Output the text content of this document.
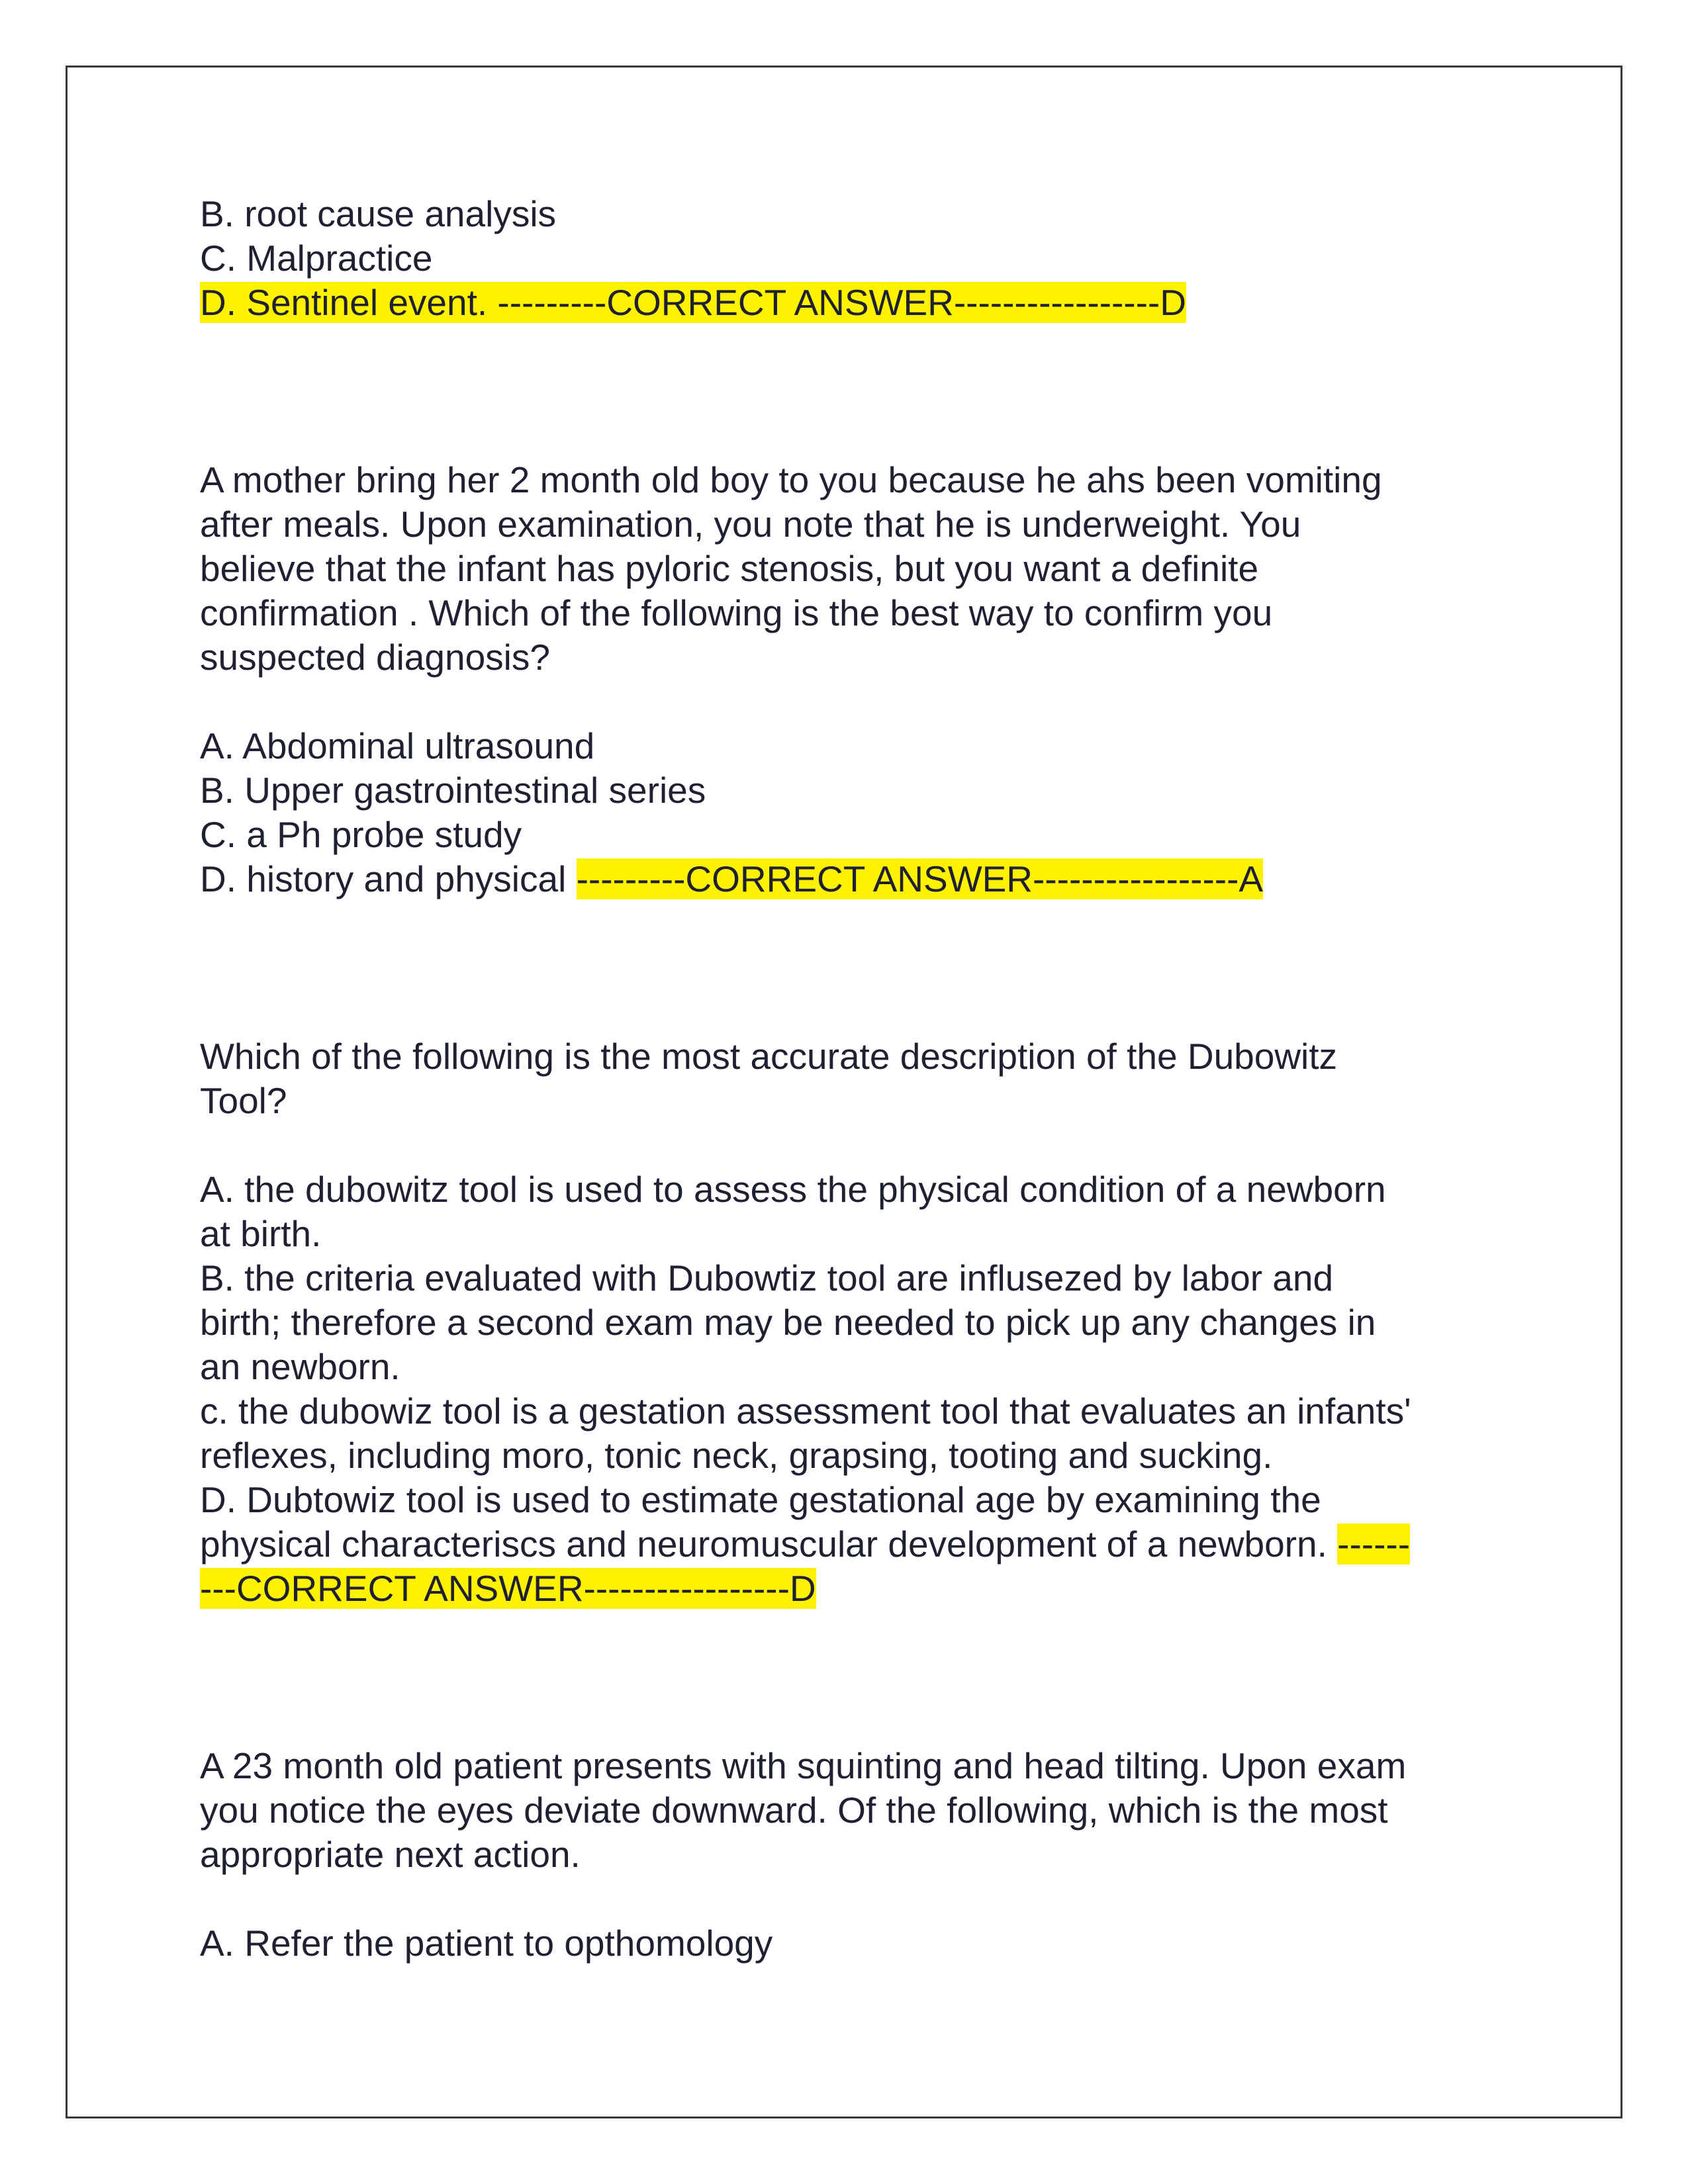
B. root cause analysis
C. Malpractice
D. Sentinel event. ---------CORRECT ANSWER-----------------D
A mother bring her 2 month old boy to you because he ahs been vomiting
after meals. Upon examination, you note that he is underweight. You
believe that the infant has pyloric stenosis, but you want a definite
confirmation . Which of the following is the best way to confirm you
suspected diagnosis?
A. Abdominal ultrasound
B. Upper gastrointestinal series
C. a Ph probe study
D. history and physical ---------CORRECT ANSWER-----------------A
Which of the following is the most accurate description of the Dubowitz
Tool?
A. the dubowitz tool is used to assess the physical condition of a newborn
at birth.
B. the criteria evaluated with Dubowtiz tool are influsezed by labor and
birth; therefore a second exam may be needed to pick up any changes in
an newborn.
c. the dubowiz tool is a gestation assessment tool that evaluates an infants'
reflexes, including moro, tonic neck, grapsing, tooting and sucking.
D. Dubtowiz tool is used to estimate gestational age by examining the
physical characteriscs and neuromuscular development of a newborn. ------
---CORRECT ANSWER-----------------D
A 23 month old patient presents with squinting and head tilting. Upon exam
you notice the eyes deviate downward. Of the following, which is the most
appropriate next action.
A. Refer the patient to opthomology
